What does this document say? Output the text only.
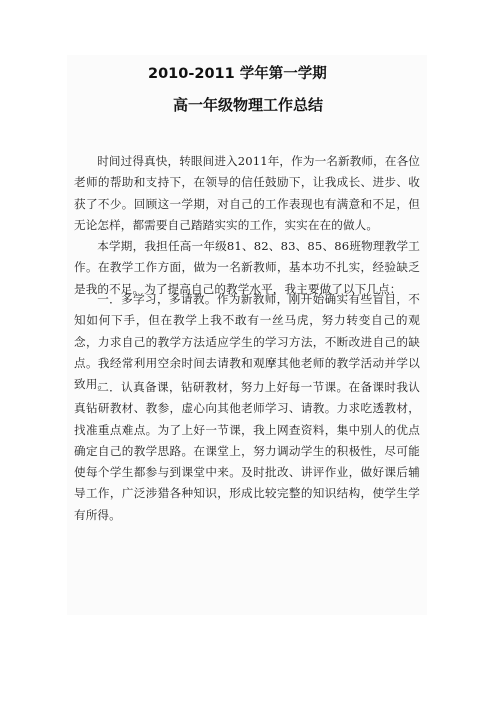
2010-2011 学年第一学期
高一年级物理工作总结

时间过得真快，转眼间进入2011年，作为一名新教师，在各位老师的帮助和支持下，在领导的信任鼓励下，让我成长、进步、收获了不少。回顾这一学期，对自己的工作表现也有满意和不足，但无论怎样，都需要自己踏踏实实的工作，实实在在的做人。

本学期，我担任高一年级81、82、83、85、86班物理教学工作。在教学工作方面，做为一名新教师，基本功不扎实，经验缺乏是我的不足。为了提高自己的教学水平，我主要做了以下几点：

一．多学习，多请教。作为新教师，刚开始确实有些盲目，不知如何下手，但在教学上我不敢有一丝马虎，努力转变自己的观念，力求自己的教学方法适应学生的学习方法，不断改进自己的缺点。我经常利用空余时间去请教和观摩其他老师的教学活动并学以致用。

二．认真备课，钻研教材，努力上好每一节课。在备课时我认真钻研教材、教参，虚心向其他老师学习、请教。力求吃透教材，找准重点难点。为了上好一节课，我上网查资料，集中别人的优点确定自己的教学思路。在课堂上，努力调动学生的积极性，尽可能使每个学生都参与到课堂中来。及时批改、讲评作业，做好课后辅导工作，广泛涉猎各种知识，形成比较完整的知识结构，使学生学有所得。
